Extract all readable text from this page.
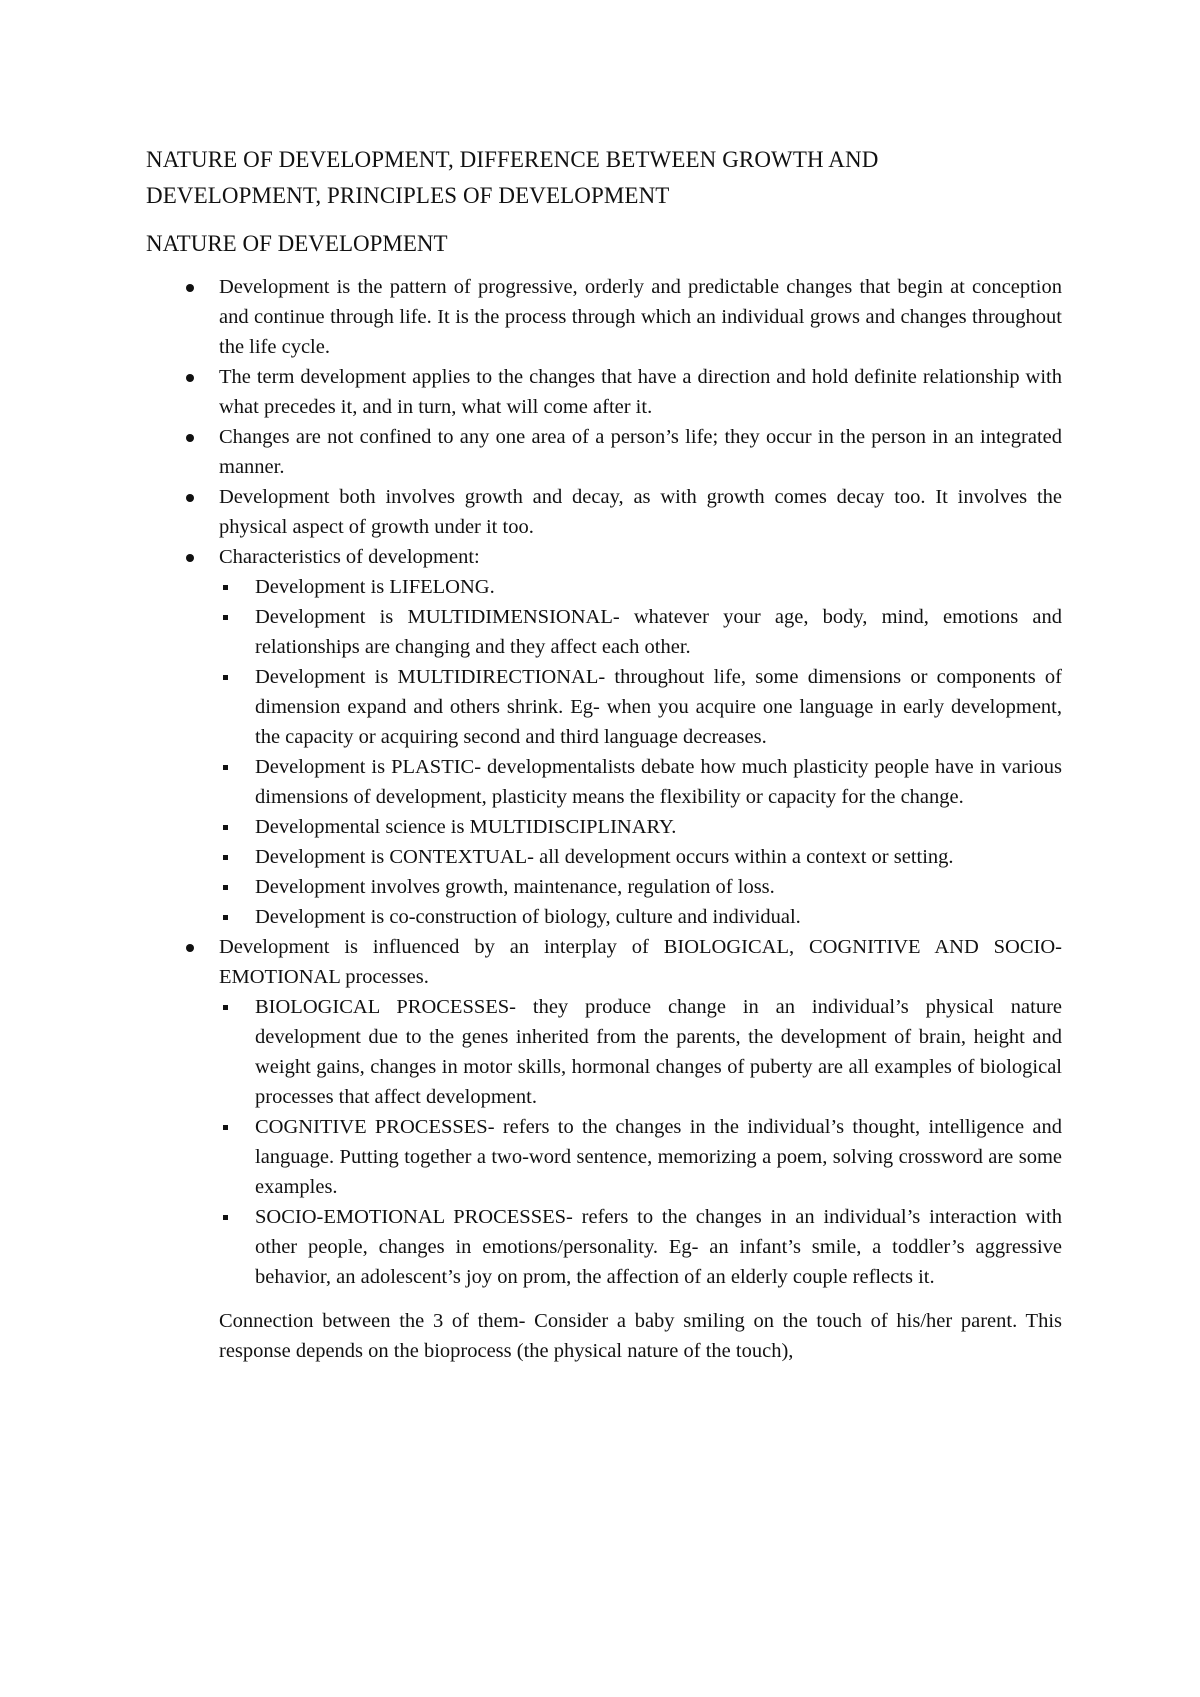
NATURE OF DEVELOPMENT, DIFFERENCE BETWEEN GROWTH AND
DEVELOPMENT, PRINCIPLES OF DEVELOPMENT
NATURE OF DEVELOPMENT
Development is the pattern of progressive, orderly and predictable changes that begin at conception and continue through life. It is the process through which an individual grows and changes throughout the life cycle.
The term development applies to the changes that have a direction and hold definite relationship with what precedes it, and in turn, what will come after it.
Changes are not confined to any one area of a person’s life; they occur in the person in an integrated manner.
Development both involves growth and decay, as with growth comes decay too. It involves the physical aspect of growth under it too.
Characteristics of development:
Development is LIFELONG.
Development is MULTIDIMENSIONAL- whatever your age, body, mind, emotions and relationships are changing and they affect each other.
Development is MULTIDIRECTIONAL- throughout life, some dimensions or components of dimension expand and others shrink. Eg- when you acquire one language in early development, the capacity or acquiring second and third language decreases.
Development is PLASTIC- developmentalists debate how much plasticity people have in various dimensions of development, plasticity means the flexibility or capacity for the change.
Developmental science is MULTIDISCIPLINARY.
Development is CONTEXTUAL- all development occurs within a context or setting.
Development involves growth, maintenance, regulation of loss.
Development is co-construction of biology, culture and individual.
Development is influenced by an interplay of BIOLOGICAL, COGNITIVE AND SOCIO-EMOTIONAL processes.
BIOLOGICAL PROCESSES- they produce change in an individual’s physical nature development due to the genes inherited from the parents, the development of brain, height and weight gains, changes in motor skills, hormonal changes of puberty are all examples of biological processes that affect development.
COGNITIVE PROCESSES- refers to the changes in the individual’s thought, intelligence and language. Putting together a two-word sentence, memorizing a poem, solving crossword are some examples.
SOCIO-EMOTIONAL PROCESSES- refers to the changes in an individual’s interaction with other people, changes in emotions/personality. Eg- an infant’s smile, a toddler’s aggressive behavior, an adolescent’s joy on prom, the affection of an elderly couple reflects it.

Connection between the 3 of them- Consider a baby smiling on the touch of his/her parent. This response depends on the bioprocess (the physical nature of the touch),
